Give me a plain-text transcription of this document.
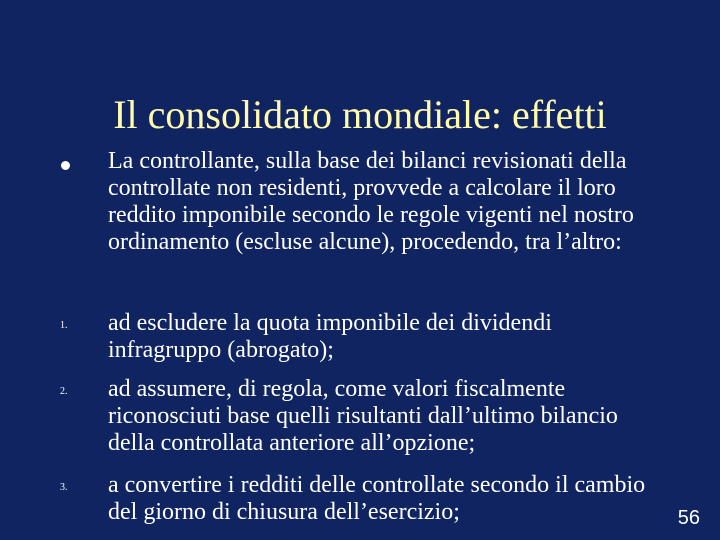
Il consolidato mondiale: effetti
La controllante, sulla base dei bilanci revisionati della controllate non residenti, provvede a calcolare il loro reddito imponibile secondo le regole vigenti nel nostro ordinamento (escluse alcune), procedendo, tra l’altro:
1. ad escludere la quota imponibile dei dividendi infragruppo (abrogato);
2. ad assumere, di regola, come valori fiscalmente riconosciuti base quelli risultanti dall’ultimo bilancio della controllata anteriore all’opzione;
3. a convertire i redditi delle controllate secondo il cambio del giorno di chiusura dell’esercizio;	56
